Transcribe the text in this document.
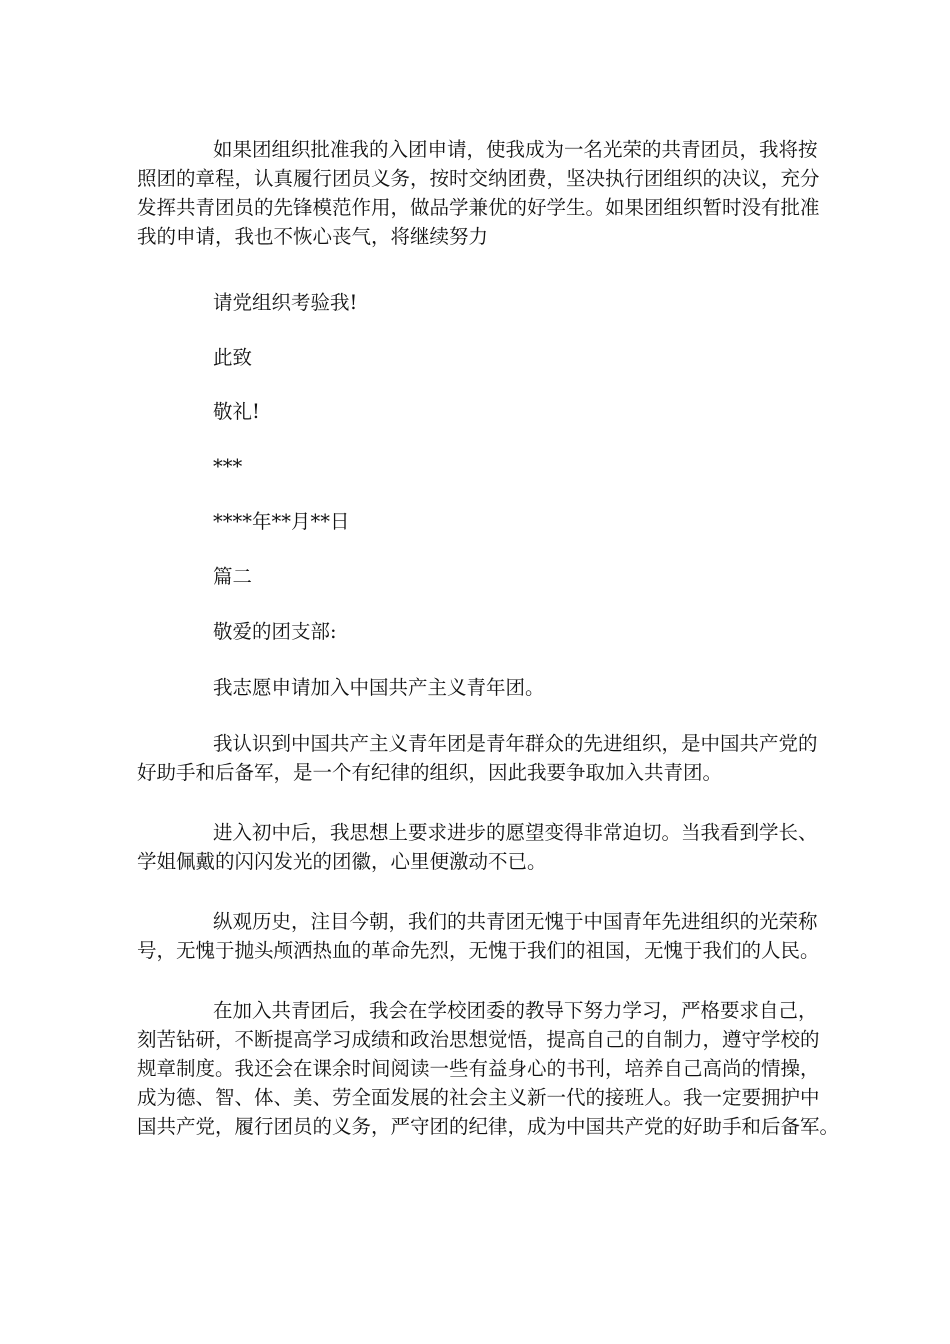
如果团组织批准我的入团申请，使我成为一名光荣的共青团员，我将按
照团的章程，认真履行团员义务，按时交纳团费，坚决执行团组织的决议，充分
发挥共青团员的先锋模范作用，做品学兼优的好学生。如果团组织暂时没有批准
我的申请，我也不恢心丧气，将继续努力
请党组织考验我!
此致
敬礼!
***
****年**月**日
篇二
敬爱的团支部:
我志愿申请加入中国共产主义青年团。
我认识到中国共产主义青年团是青年群众的先进组织，是中国共产党的
好助手和后备军，是一个有纪律的组织，因此我要争取加入共青团。
进入初中后，我思想上要求进步的愿望变得非常迫切。当我看到学长、
学姐佩戴的闪闪发光的团徽，心里便激动不已。
纵观历史，注目今朝，我们的共青团无愧于中国青年先进组织的光荣称
号，无愧于抛头颅洒热血的革命先烈，无愧于我们的祖国，无愧于我们的人民。
在加入共青团后，我会在学校团委的教导下努力学习，严格要求自己，
刻苦钻研，不断提高学习成绩和政治思想觉悟，提高自己的自制力，遵守学校的
规章制度。我还会在课余时间阅读一些有益身心的书刊，培养自己高尚的情操，
成为德、智、体、美、劳全面发展的社会主义新一代的接班人。我一定要拥护中
国共产党，履行团员的义务，严守团的纪律，成为中国共产党的好助手和后备军。
